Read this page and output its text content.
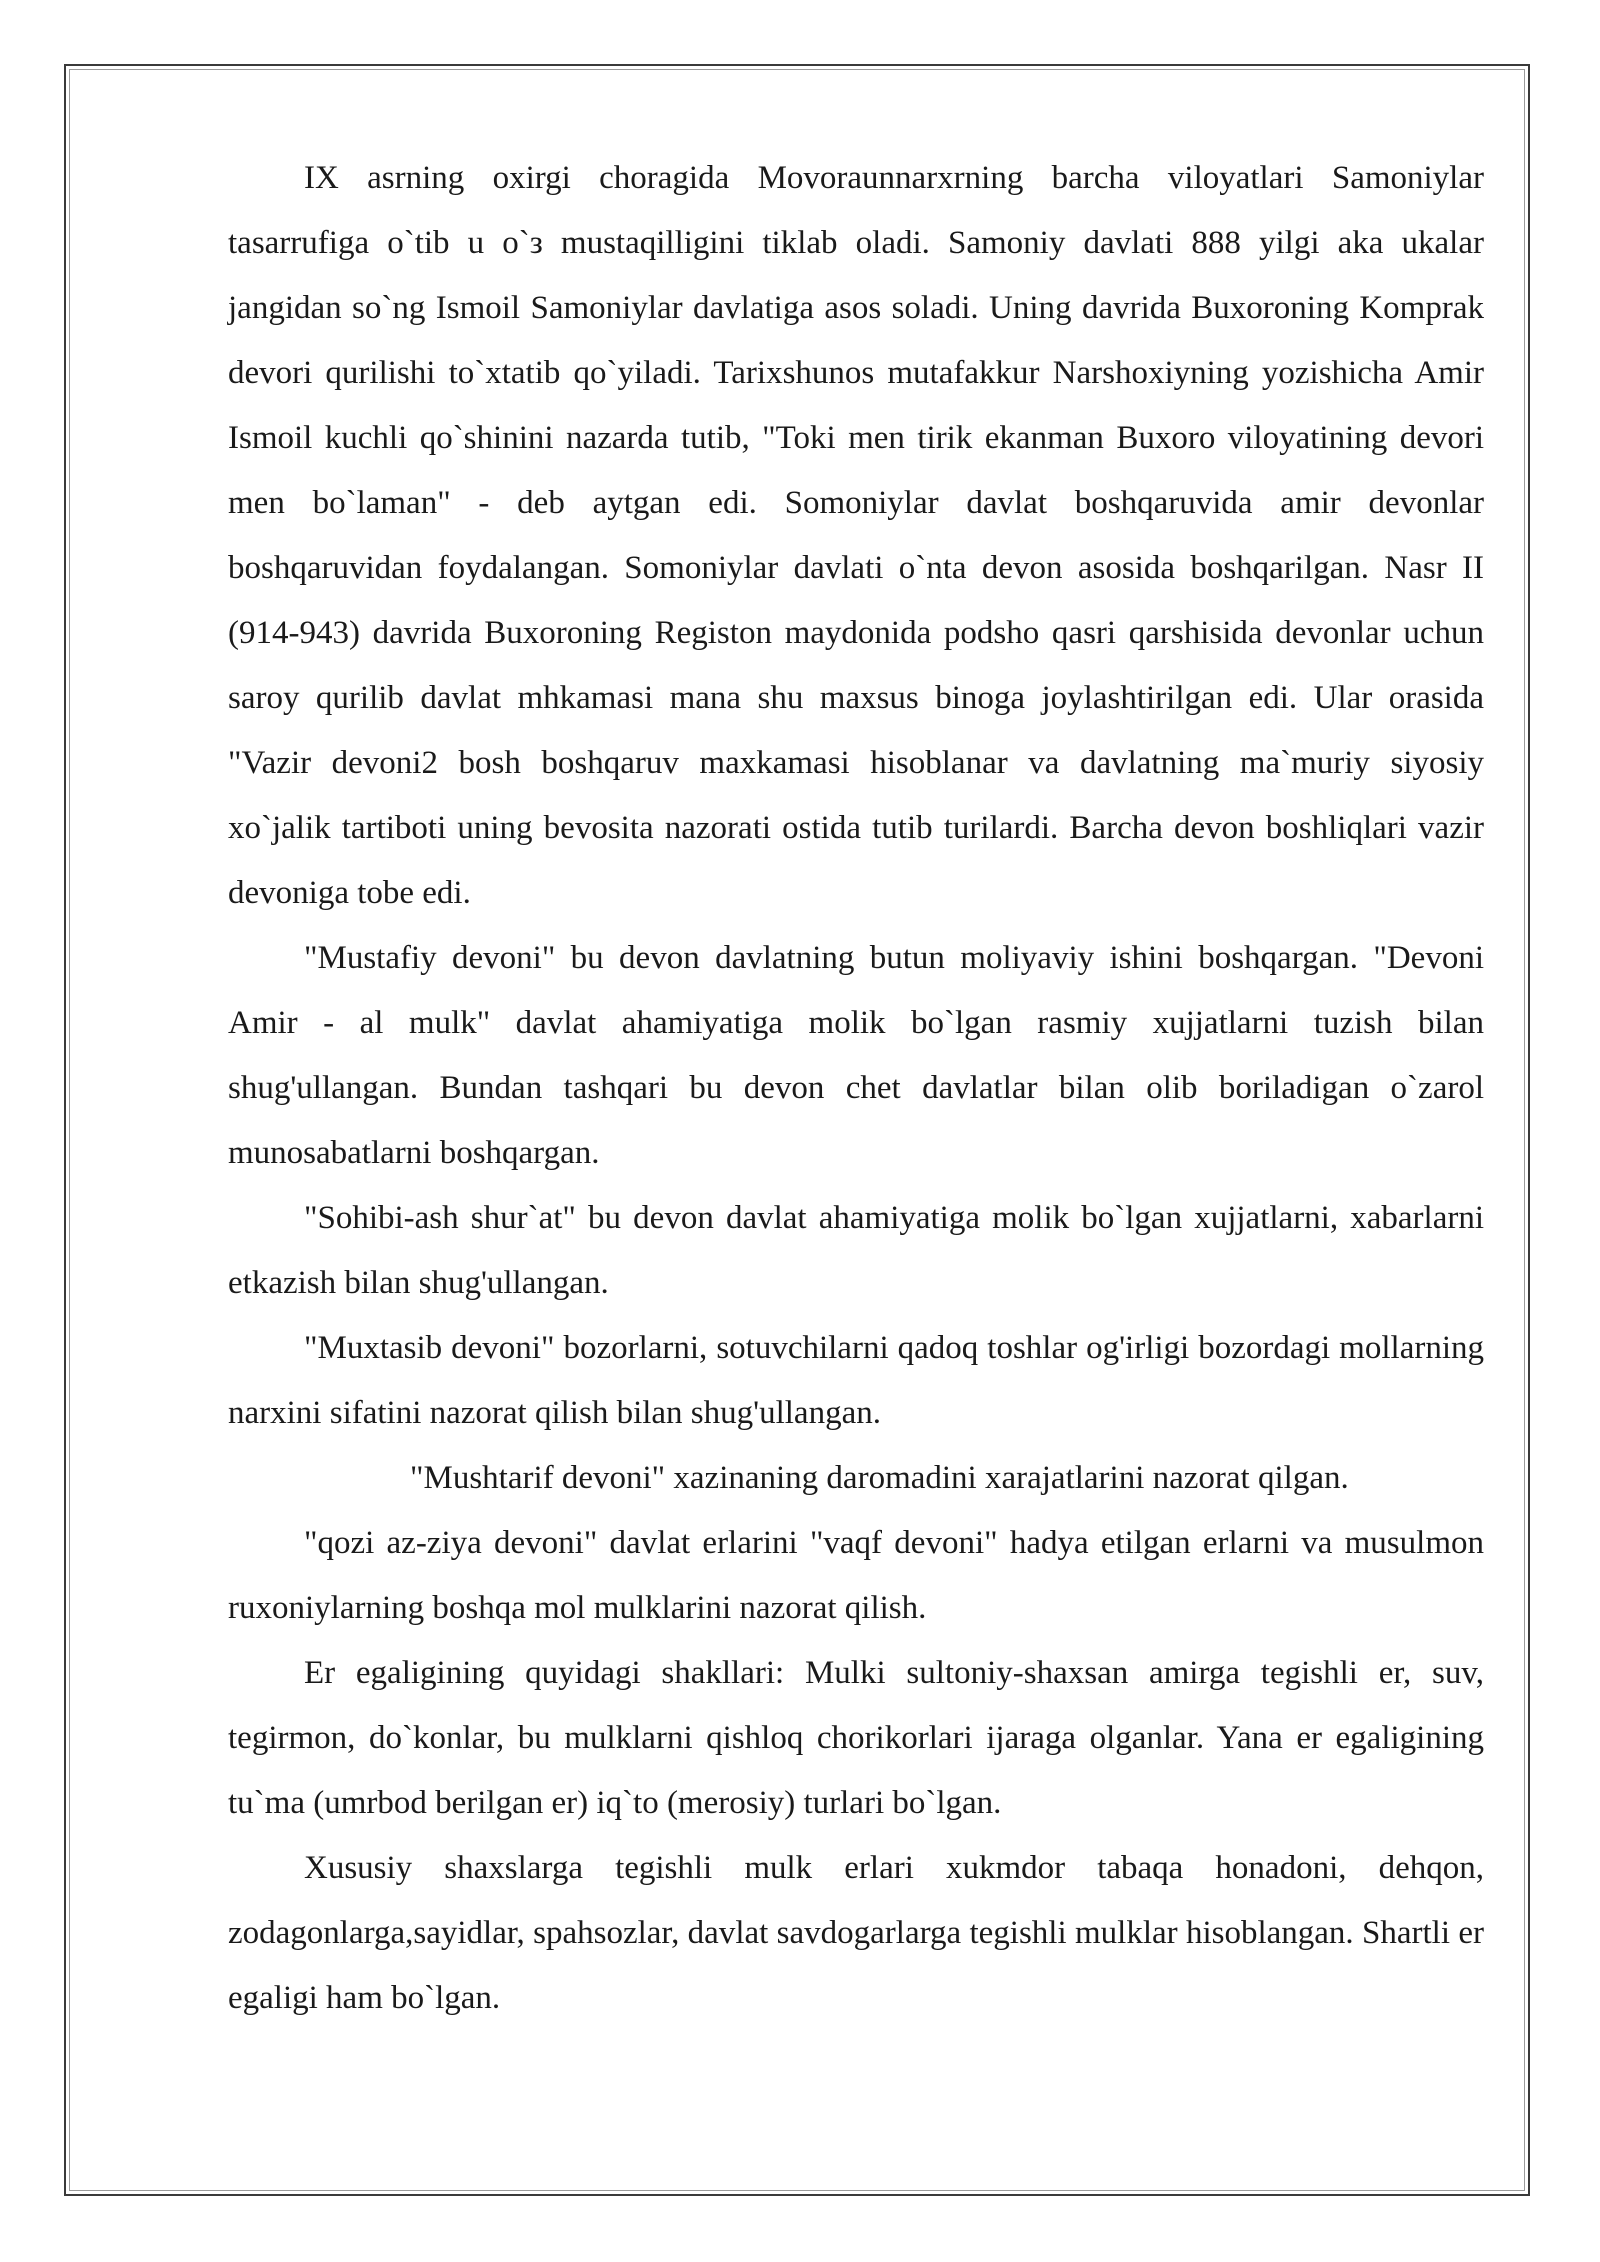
IX asrning oxirgi choragida Movoraunnarxrning barcha viloyatlari Samoniylar tasarrufiga o`tib u o`з mustaqilligini tiklab oladi. Samoniy davlati 888 yilgi aka ukalar jangidan so`ng Ismoil Samoniylar davlatiga asos soladi. Uning davrida Buxoroning Komprak devori qurilishi to`xtatib qo`yiladi. Tarixshunos mutafakkur Narshoxiyning yozishicha Amir Ismoil kuchli qo`shinini nazarda tutib, "Toki men tirik ekanman Buxoro viloyatining devori men bo`laman" - deb aytgan edi. Somoniylar davlat boshqaruvida amir devonlar boshqaruvidan foydalangan. Somoniylar davlati o`nta devon asosida boshqarilgan. Nasr II (914-943) davrida Buxoroning Registon maydonida podsho qasri qarshisida devonlar uchun saroy qurilib davlat mhkamasi mana shu maxsus binoga joylashtirilgan edi. Ular orasida "Vazir devoni2 bosh boshqaruv maxkamasi hisoblanar va davlatning ma`muriy siyosiy xo`jalik tartiboti uning bevosita nazorati ostida tutib turilardi. Barcha devon boshliqlari vazir devoniga tobe edi.

"Mustafiy devoni" bu devon davlatning butun moliyaviy ishini boshqargan. "Devoni Amir - al mulk" davlat ahamiyatiga molik bo`lgan rasmiy xujjatlarni tuzish bilan shug'ullangan. Bundan tashqari bu devon chet davlatlar bilan olib boriladigan o`zarol munosabatlarni boshqargan.

"Sohibi-ash shur`at" bu devon davlat ahamiyatiga molik bo`lgan xujjatlarni, xabarlarni etkazish bilan shug'ullangan.

"Muxtasib devoni" bozorlarni, sotuvchilarni qadoq toshlar og'irligi bozordagi mollarning narxini sifatini nazorat qilish bilan shug'ullangan.

"Mushtarif devoni" xazinaning daromadini xarajatlarini nazorat qilgan.

"qozi az-ziya devoni" davlat erlarini "vaqf devoni" hadya etilgan erlarni va musulmon ruxoniylarning boshqa mol mulklarini nazorat qilish.

Er egaligining quyidagi shakllari: Mulki sultoniy-shaxsan amirga tegishli er, suv, tegirmon, do`konlar, bu mulklarni qishloq chorikorlari ijaraga olganlar. Yana er egaligining tu`ma (umrbod berilgan er) iq`to (merosiy) turlari bo`lgan.

Xususiy shaxslarga tegishli mulk erlari xukmdor tabaqa honadoni, dehqon, zodagonlarga,sayidlar, spahsozlar, davlat savdogarlarga tegishli mulklar hisoblangan. Shartli er egaligi ham bo`lgan.
